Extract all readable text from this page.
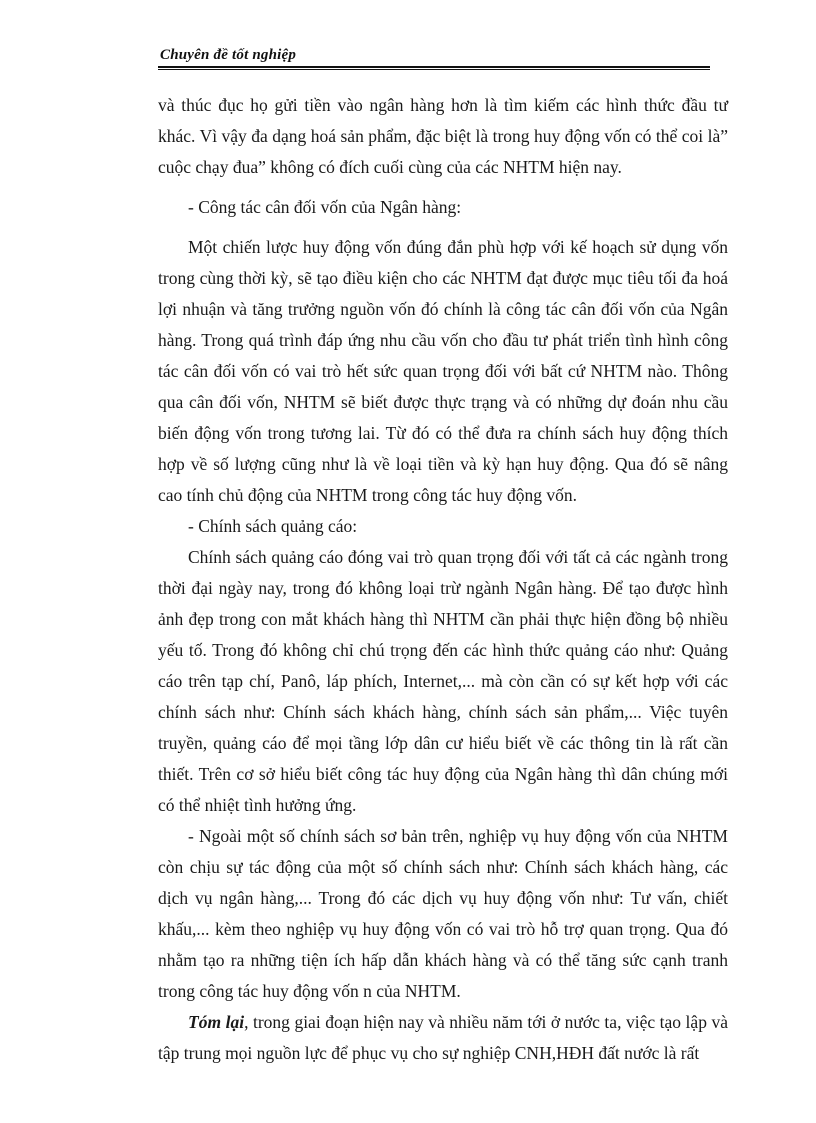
Chuyên đề tốt nghiệp

và thúc đục họ gửi tiền vào ngân hàng hơn là tìm kiếm các hình thức đầu tư khác. Vì vậy đa dạng hoá sản phẩm, đặc biệt là trong huy động vốn có thể coi là” cuộc chạy đua” không có đích cuối cùng của các NHTM hiện nay.

- Công tác cân đối vốn của Ngân hàng:

Một chiến lược huy động vốn đúng đắn phù hợp với kế hoạch sử dụng vốn trong cùng thời kỳ, sẽ tạo điều kiện cho các NHTM đạt được mục tiêu tối đa hoá lợi nhuận và tăng trưởng nguồn vốn đó chính là công tác cân đối vốn của Ngân hàng. Trong quá trình đáp ứng nhu cầu vốn cho đầu tư phát triển tình hình công tác cân đối vốn có vai trò hết sức quan trọng đối với bất cứ NHTM nào. Thông qua cân đối vốn, NHTM sẽ biết được thực trạng và có những dự đoán nhu cầu biến động vốn trong tương lai. Từ đó có thể đưa ra chính sách huy động thích hợp về số lượng cũng như là về loại tiền và kỳ hạn huy động. Qua đó sẽ nâng cao tính chủ động của NHTM trong công tác huy động vốn.

- Chính sách quảng cáo:

Chính sách quảng cáo đóng vai trò quan trọng đối với tất cả các ngành trong thời đại ngày nay, trong đó không loại trừ ngành Ngân hàng. Để tạo được hình ảnh đẹp trong con mắt khách hàng thì NHTM cần phải thực hiện đồng bộ nhiều yếu tố. Trong đó không chỉ chú trọng đến các hình thức quảng cáo như: Quảng cáo trên tạp chí, Panô, láp phích, Internet,... mà còn cần có sự kết hợp với các chính sách như: Chính sách khách hàng, chính sách sản phẩm,... Việc tuyên truyền, quảng cáo để mọi tầng lớp dân cư hiểu biết về các thông tin là rất cần thiết. Trên cơ sở hiểu biết công tác huy động của Ngân hàng thì dân chúng mới có thể nhiệt tình hưởng ứng.

- Ngoài một số chính sách sơ bản trên, nghiệp vụ huy động vốn của NHTM còn chịu sự tác động của một số chính sách như: Chính sách khách hàng, các dịch vụ ngân hàng,... Trong đó các dịch vụ huy động vốn như: Tư vấn, chiết khấu,... kèm theo nghiệp vụ huy động vốn có vai trò hỗ trợ quan trọng. Qua đó nhằm tạo ra những tiện ích hấp dẫn khách hàng và có thể tăng sức cạnh tranh trong công tác huy động vốn n của NHTM.

Tóm lại, trong giai đoạn hiện nay và nhiều năm tới ở nước ta, việc tạo lập và tập trung mọi nguồn lực để phục vụ cho sự nghiệp CNH,HĐH đất nước là rất
